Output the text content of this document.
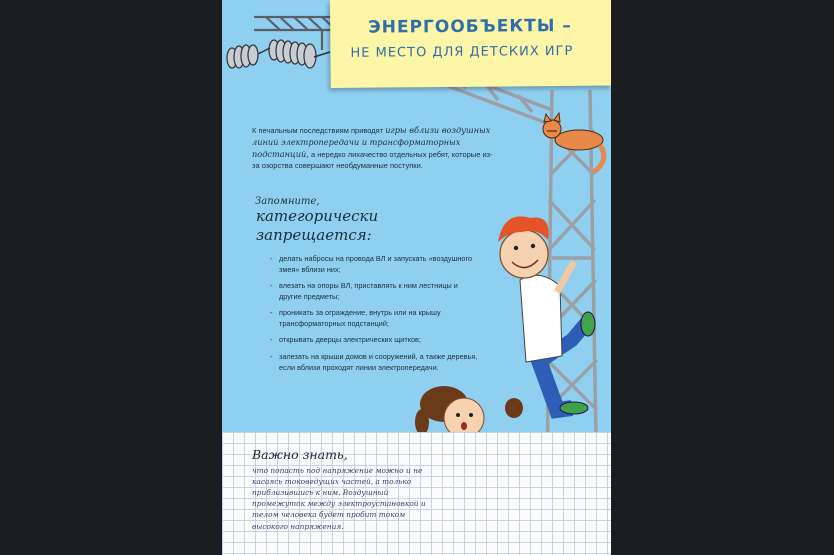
ЭНЕРГООБЪЕКТЫ –
НЕ МЕСТО ДЛЯ ДЕТСКИХ ИГР
К печальным последствиям приводят игры вблизи воздушных линий электропередачи и трансформаторных подстанций, а нередко лихачество отдельных ребят, которые из-за озорства совершают необдуманные поступки.
Запомните,
категорически
запрещается:
- делать набросы на провода ВЛ и запускать «воздушного змея» вблизи них;
- влезать на опоры ВЛ, приставлять к ним лестницы и другие предметы;
- проникать за ограждение, внутрь или на крышу трансформаторных подстанций;
- открывать дверцы электрических щитков;
- залезать на крыши домов и сооружений, а также деревья, если вблизи проходят линии электропередачи.
Важно знать,
что попасть под напряжение можно и не касаясь токоведущих частей, а только приблизившись к ним. Воздушный промежуток между электроустановкой и телом человека будет пробит током высокого напряжения.
